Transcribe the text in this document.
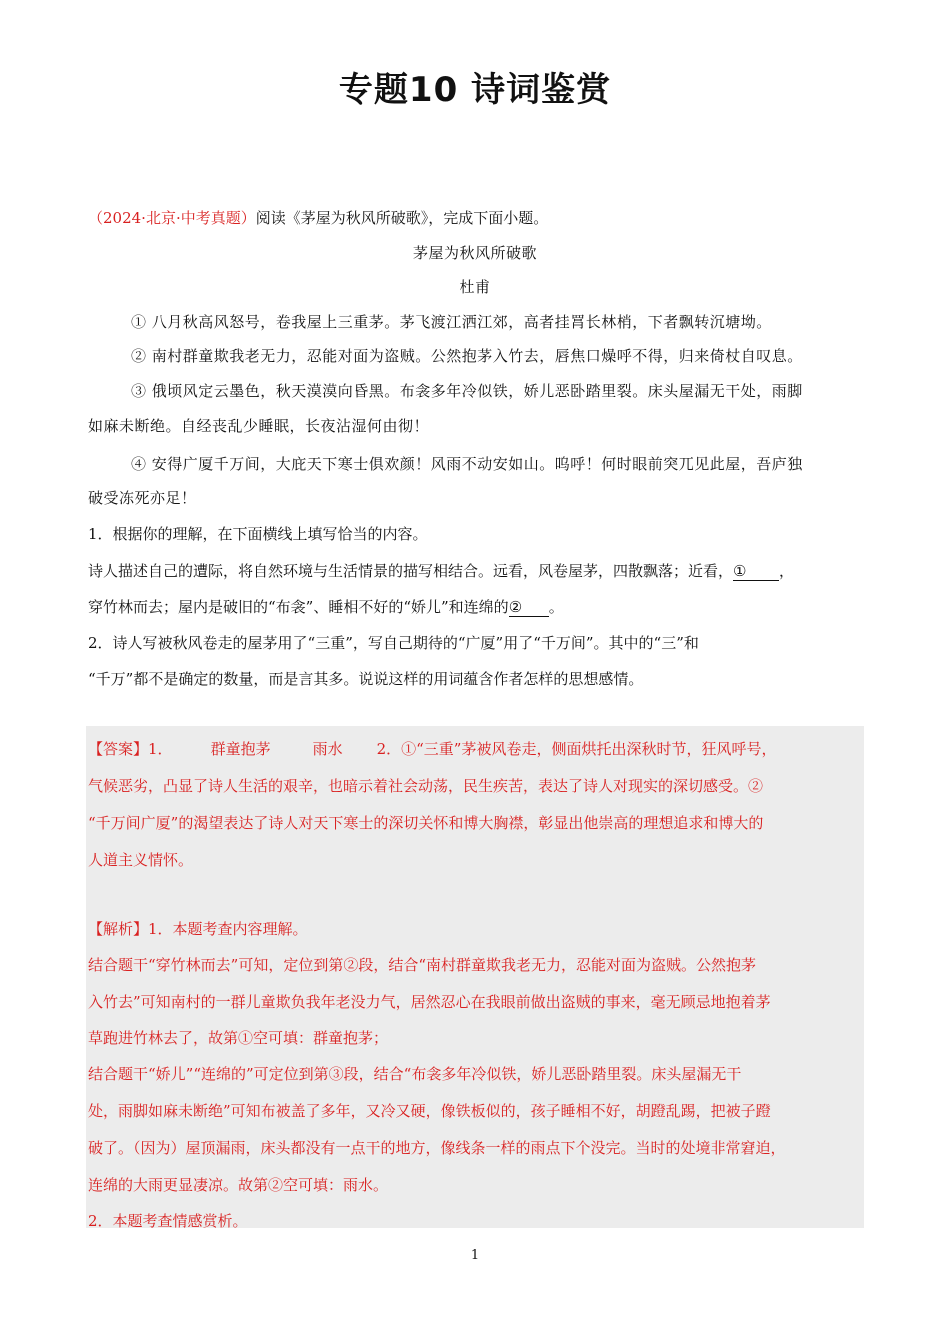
专题10 诗词鉴赏
（2024·北京·中考真题）阅读《茅屋为秋风所破歌》，完成下面小题。
茅屋为秋风所破歌
杜甫
① 八月秋高风怒号，卷我屋上三重茅。茅飞渡江洒江郊，高者挂罥长林梢，下者飘转沉塘坳。
② 南村群童欺我老无力，忍能对面为盗贼。公然抱茅入竹去，唇焦口燥呼不得，归来倚杖自叹息。
③ 俄顷风定云墨色，秋天漠漠向昏黑。布衾多年冷似铁，娇儿恶卧踏里裂。床头屋漏无干处，雨脚
如麻未断绝。自经丧乱少睡眠，长夜沾湿何由彻！
④ 安得广厦千万间，大庇天下寒士俱欢颜！风雨不动安如山。呜呼！何时眼前突兀见此屋，吾庐独
破受冻死亦足！
1．根据你的理解，在下面横线上填写恰当的内容。
诗人描述自己的遭际，将自然环境与生活情景的描写相结合。远看，风卷屋茅，四散飘落；近看，① ，
穿竹林而去；屋内是破旧的“布衾”、睡相不好的“娇儿”和连绵的② 。
2．诗人写被秋风卷走的屋茅用了“三重”，写自己期待的“广厦”用了“千万间”。其中的“三”和
“千万”都不是确定的数量，而是言其多。说说这样的用词蕴含作者怎样的思想感情。
【答案】1．	群童抱茅	雨水 2．①“三重”茅被风卷走，侧面烘托出深秋时节，狂风呼号，
气候恶劣，凸显了诗人生活的艰辛，也暗示着社会动荡，民生疾苦，表达了诗人对现实的深切感受。②
“千万间广厦”的渴望表达了诗人对天下寒士的深切关怀和博大胸襟，彰显出他崇高的理想追求和博大的
人道主义情怀。
【解析】1．本题考查内容理解。
结合题干“穿竹林而去”可知，定位到第②段，结合“南村群童欺我老无力，忍能对面为盗贼。公然抱茅
入竹去”可知南村的一群儿童欺负我年老没力气，居然忍心在我眼前做出盗贼的事来，毫无顾忌地抱着茅
草跑进竹林去了，故第①空可填：群童抱茅；
结合题干“娇儿”“连绵的”可定位到第③段，结合“布衾多年冷似铁，娇儿恶卧踏里裂。床头屋漏无干
处，雨脚如麻未断绝”可知布被盖了多年，又冷又硬，像铁板似的，孩子睡相不好，胡蹬乱踢，把被子蹬
破了。（因为）屋顶漏雨，床头都没有一点干的地方，像线条一样的雨点下个没完。当时的处境非常窘迫，
连绵的大雨更显凄凉。故第②空可填：雨水。
2．本题考查情感赏析。
1
